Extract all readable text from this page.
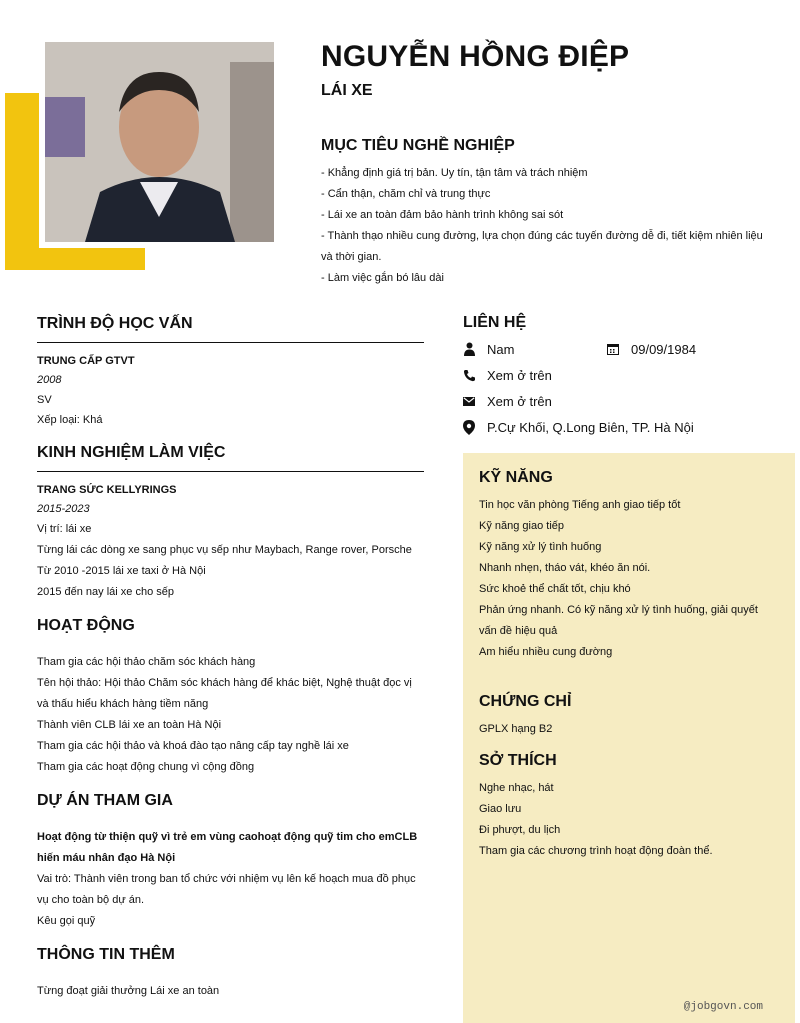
NGUYỄN HỒNG ĐIỆP
LÁI XE
MỤC TIÊU NGHỀ NGHIỆP
- Khẳng định giá trị bản. Uy tín, tận tâm và trách nhiệm
- Cẩn thận, chăm chỉ và trung thực
- Lái xe an toàn đảm bảo hành trình không sai sót
- Thành thạo nhiều cung đường, lựa chọn đúng các tuyến đường dễ đi, tiết kiệm nhiên liệu và thời gian.
- Làm việc gắn bó lâu dài
TRÌNH ĐỘ HỌC VẤN
TRUNG CẤP GTVT
2008
SV
Xếp loại: Khá
KINH NGHIỆM LÀM VIỆC
TRANG SỨC KELLYRINGS
2015-2023
Vị trí: lái xe
Từng lái các dòng xe sang phục vụ sếp như Maybach, Range rover, Porsche
Từ 2010 -2015 lái xe taxi ở Hà Nội
2015 đến nay lái xe cho sếp
HOẠT ĐỘNG
Tham gia các hội thảo chăm sóc khách hàng
Tên hội thảo: Hội thảo Chăm sóc khách hàng để khác biệt, Nghệ thuật đọc vị và thấu hiểu khách hàng tiềm năng
Thành viên CLB lái xe an toàn Hà Nội
Tham gia các hội thảo và khoá đào tạo nâng cấp tay nghề lái xe
Tham gia các hoạt động chung vì cộng đồng
DỰ ÁN THAM GIA
Hoạt động từ thiện quỹ vì trẻ em vùng caohoạt động quỹ tim cho emCLB hiến máu nhân đạo Hà Nội
Vai trò: Thành viên trong ban tổ chức với nhiệm vụ lên kế hoạch mua đồ phục vụ cho toàn bộ dự án.
Kêu gọi quỹ
THÔNG TIN THÊM
Từng đoạt giải thưởng Lái xe an toàn
LIÊN HỆ
Nam	09/09/1984
Xem ở trên
Xem ở trên
P.Cự Khối, Q.Long Biên, TP. Hà Nội
KỸ NĂNG
Tin học văn phòng Tiếng anh giao tiếp tốt
Kỹ năng giao tiếp
Kỹ năng xử lý tình huống
Nhanh nhẹn, tháo vát, khéo ăn nói.
Sức khoẻ thể chất tốt, chịu khó
Phản ứng nhanh. Có kỹ năng xử lý tình huống, giải quyết vấn đề hiệu quả
Am hiểu nhiều cung đường
CHỨNG CHỈ
GPLX hạng B2
SỞ THÍCH
Nghe nhạc, hát
Giao lưu
Đi phượt, du lịch
Tham gia các chương trình hoạt động đoàn thể.
@jobgovn.com
